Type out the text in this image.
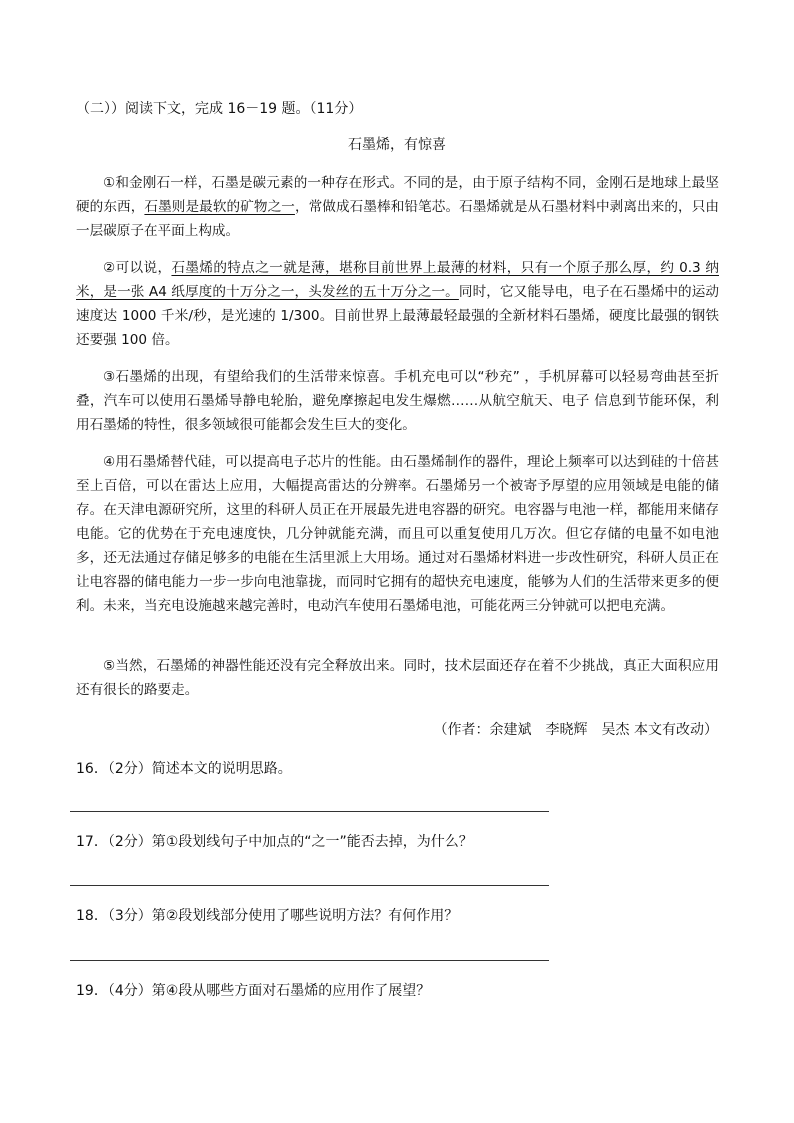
（二））阅读下文，完成 16－19 题。（11分）
石墨烯，有惊喜
①和金刚石一样，石墨是碳元素的一种存在形式。不同的是，由于原子结构不同，金刚石是地球上最坚硬的东西，石墨则是最软的矿物之一，常做成石墨棒和铅笔芯。石墨烯就是从石墨材料中剥离出来的，只由一层碳原子在平面上构成。
②可以说，石墨烯的特点之一就是薄，堪称目前世界上最薄的材料，只有一个原子那么厚，约 0.3 纳米，是一张 A4 纸厚度的十万分之一，头发丝的五十万分之一。同时，它又能导电，电子在石墨烯中的运动速度达 1000 千米/秒，是光速的 1/300。目前世界上最薄最轻最强的全新材料石墨烯，硬度比最强的钢铁还要强 100 倍。
③石墨烯的出现，有望给我们的生活带来惊喜。手机充电可以“秒充” ，手机屏幕可以轻易弯曲甚至折叠，汽车可以使用石墨烯导静电轮胎，避免摩擦起电发生爆燃……从航空航天、电子 信息到节能环保，利用石墨烯的特性，很多领域很可能都会发生巨大的变化。
④用石墨烯替代硅，可以提高电子芯片的性能。由石墨烯制作的器件，理论上频率可以达到硅的十倍甚至上百倍，可以在雷达上应用，大幅提高雷达的分辨率。石墨烯另一个被寄予厚望的应用领域是电能的储存。在天津电源研究所，这里的科研人员正在开展最先进电容器的研究。电容器与电池一样，都能用来储存电能。它的优势在于充电速度快，几分钟就能充满，而且可以重复使用几万次。但它存储的电量不如电池多，还无法通过存储足够多的电能在生活里派上大用场。通过对石墨烯材料进一步改性研究，科研人员正在让电容器的储电能力一步一步向电池靠拢，而同时它拥有的超快充电速度，能够为人们的生活带来更多的便利。未来，当充电设施越来越完善时，电动汽车使用石墨烯电池，可能花两三分钟就可以把电充满。
⑤当然，石墨烯的神器性能还没有完全释放出来。同时，技术层面还存在着不少挑战，真正大面积应用还有很长的路要走。
（作者：余建斌　李晓辉　吴杰 本文有改动）
16．（2分）简述本文的说明思路。
17．（2分）第①段划线句子中加点的“之一”能否去掉，为什么？
18．（3分）第②段划线部分使用了哪些说明方法？有何作用？
19．（4分）第④段从哪些方面对石墨烯的应用作了展望？
